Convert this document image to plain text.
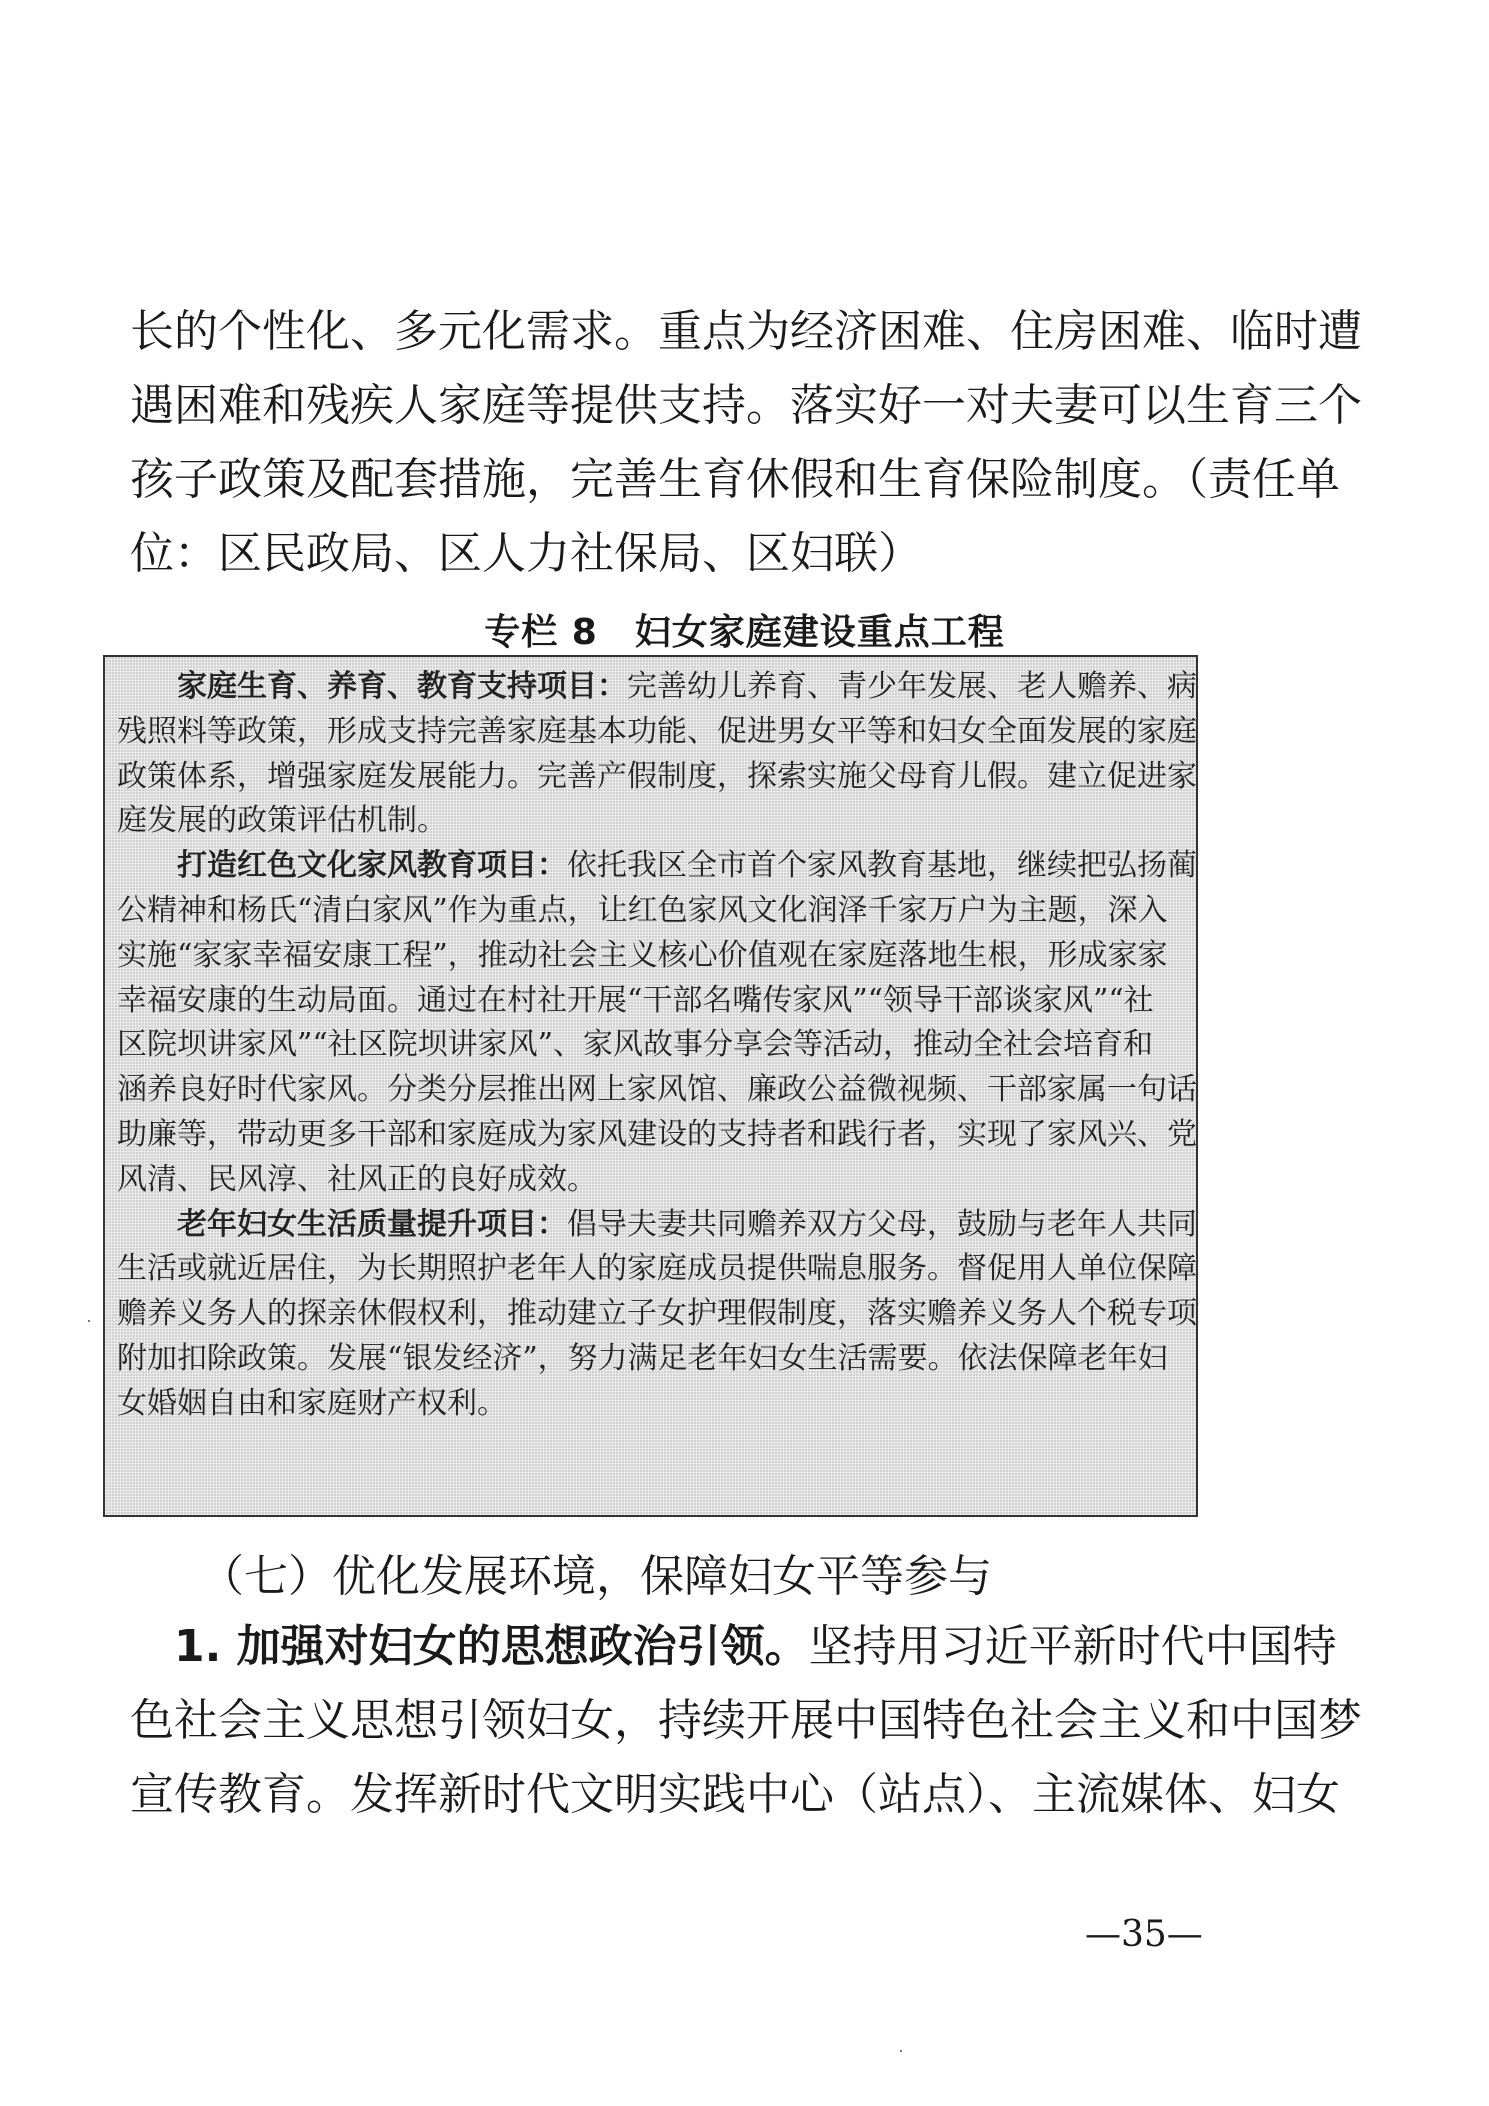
长的个性化、多元化需求。重点为经济困难、住房困难、临时遭
遇困难和残疾人家庭等提供支持。落实好一对夫妻可以生育三个
孩子政策及配套措施，完善生育休假和生育保险制度。（责任单
位：区民政局、区人力社保局、区妇联）
专栏 8　妇女家庭建设重点工程
　　家庭生育、养育、教育支持项目：完善幼儿养育、青少年发展、老人赡养、病
残照料等政策，形成支持完善家庭基本功能、促进男女平等和妇女全面发展的家庭
政策体系，增强家庭发展能力。完善产假制度，探索实施父母育儿假。建立促进家
庭发展的政策评估机制。
　　打造红色文化家风教育项目：依托我区全市首个家风教育基地，继续把弘扬蔺
公精神和杨氏“清白家风”作为重点，让红色家风文化润泽千家万户为主题，深入
实施“家家幸福安康工程”，推动社会主义核心价值观在家庭落地生根，形成家家
幸福安康的生动局面。通过在村社开展“干部名嘴传家风”“领导干部谈家风”“社
区院坝讲家风”“社区院坝讲家风”、家风故事分享会等活动，推动全社会培育和
涵养良好时代家风。分类分层推出网上家风馆、廉政公益微视频、干部家属一句话
助廉等，带动更多干部和家庭成为家风建设的支持者和践行者，实现了家风兴、党
风清、民风淳、社风正的良好成效。
　　老年妇女生活质量提升项目：倡导夫妻共同赡养双方父母，鼓励与老年人共同
生活或就近居住，为长期照护老年人的家庭成员提供喘息服务。督促用人单位保障
赡养义务人的探亲休假权利，推动建立子女护理假制度，落实赡养义务人个税专项
附加扣除政策。发展“银发经济”，努力满足老年妇女生活需要。依法保障老年妇
女婚姻自由和家庭财产权利。
（七）优化发展环境，保障妇女平等参与
　1. 加强对妇女的思想政治引领。坚持用习近平新时代中国特
色社会主义思想引领妇女，持续开展中国特色社会主义和中国梦
宣传教育。发挥新时代文明实践中心（站点）、主流媒体、妇女
—35—
